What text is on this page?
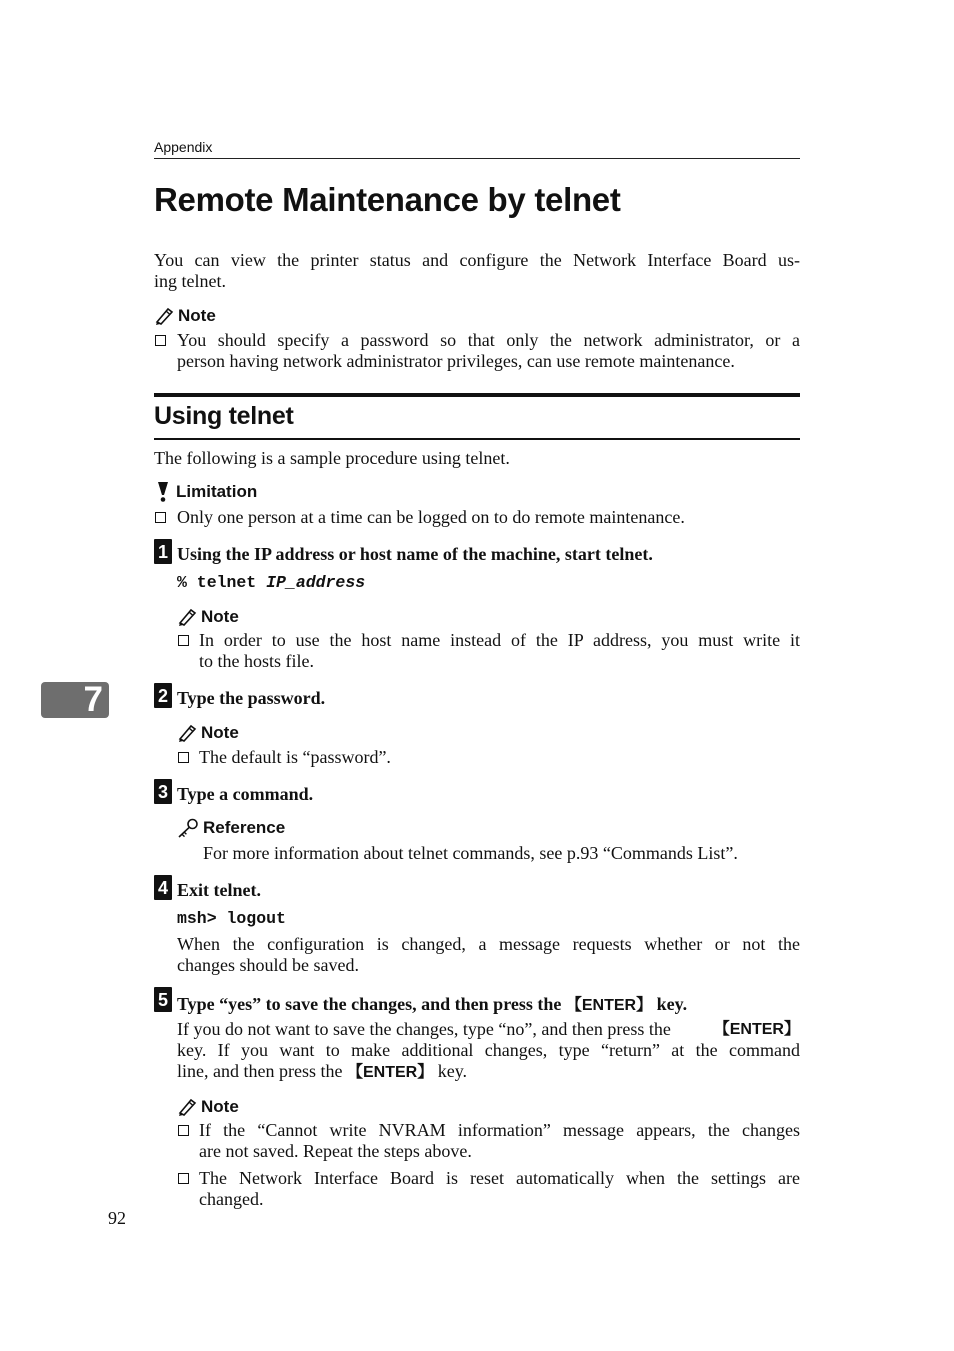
Appendix
Remote Maintenance by telnet
You can view the printer status and configure the Network Interface Board us-
ing telnet.
Note
You should specify a password so that only the network administrator, or a
person having network administrator privileges, can use remote maintenance.
Using telnet
The following is a sample procedure using telnet.
Limitation
Only one person at a time can be logged on to do remote maintenance.
1 Using the IP address or host name of the machine, start telnet.
% telnet IP_address
Note
In order to use the host name instead of the IP address, you must write it
to the hosts file.
7	2 Type the password.
Note
The default is “password”.
3 Type a command.
Reference
For more information about telnet commands, see p.93 “Commands List”.
4 Exit telnet.
msh> logout
When the configuration is changed, a message requests whether or not the
changes should be saved.
5 Type “yes” to save the changes, and then press the 【ENTER】 key.
If you do not want to save the changes, type “no”, and then press the 【ENTER】
key. If you want to make additional changes, type “return” at the command
line, and then press the 【ENTER】 key.
Note
If the “Cannot write NVRAM information” message appears, the changes
are not saved. Repeat the steps above.
The Network Interface Board is reset automatically when the settings are
changed.
92
